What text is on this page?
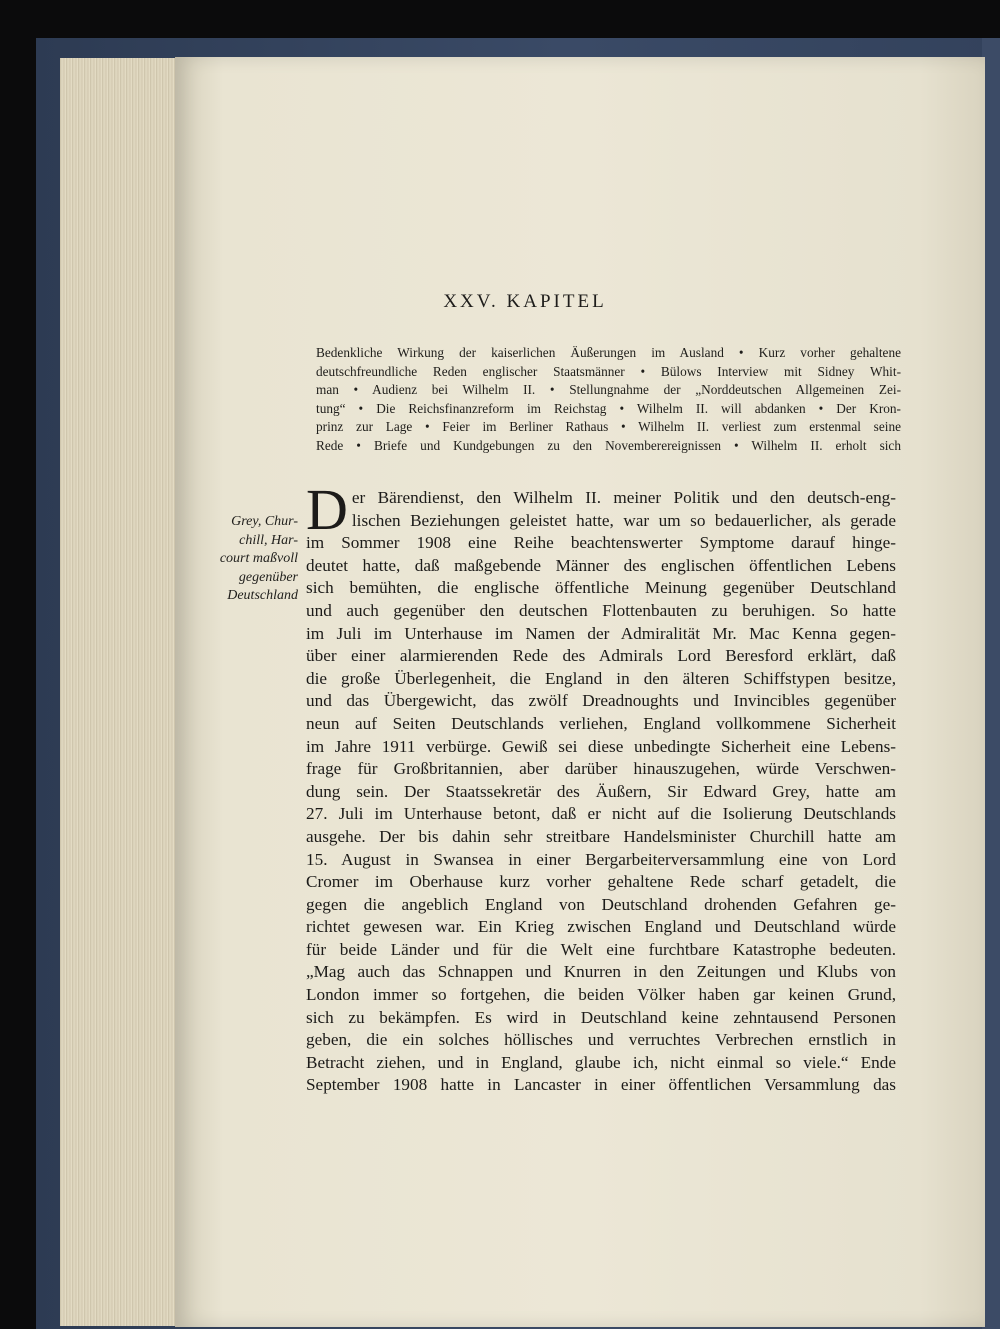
XXV. KAPITEL
Bedenkliche Wirkung der kaiserlichen Äußerungen im Ausland • Kurz vorher gehaltene
deutschfreundliche Reden englischer Staatsmänner • Bülows Interview mit Sidney Whit-
man • Audienz bei Wilhelm II. • Stellungnahme der „Norddeutschen Allgemeinen Zei-
tung“ • Die Reichsfinanzreform im Reichstag • Wilhelm II. will abdanken • Der Kron-
prinz zur Lage • Feier im Berliner Rathaus • Wilhelm II. verliest zum erstenmal seine
Rede • Briefe und Kundgebungen zu den Novemberereignissen • Wilhelm II. erholt sich
Grey, Chur-
chill, Har-
court maßvoll
gegenüber
Deutschland
D er Bärendienst, den Wilhelm II. meiner Politik und den deutsch-eng-
lischen Beziehungen geleistet hatte, war um so bedauerlicher, als gerade
im Sommer 1908 eine Reihe beachtenswerter Symptome darauf hinge-
deutet hatte, daß maßgebende Männer des englischen öffentlichen Lebens
sich bemühten, die englische öffentliche Meinung gegenüber Deutschland
und auch gegenüber den deutschen Flottenbauten zu beruhigen. So hatte
im Juli im Unterhause im Namen der Admiralität Mr. Mac Kenna gegen-
über einer alarmierenden Rede des Admirals Lord Beresford erklärt, daß
die große Überlegenheit, die England in den älteren Schiffstypen besitze,
und das Übergewicht, das zwölf Dreadnoughts und Invincibles gegenüber
neun auf Seiten Deutschlands verliehen, England vollkommene Sicherheit
im Jahre 1911 verbürge. Gewiß sei diese unbedingte Sicherheit eine Lebens-
frage für Großbritannien, aber darüber hinauszugehen, würde Verschwen-
dung sein. Der Staatssekretär des Äußern, Sir Edward Grey, hatte am
27. Juli im Unterhause betont, daß er nicht auf die Isolierung Deutschlands
ausgehe. Der bis dahin sehr streitbare Handelsminister Churchill hatte am
15. August in Swansea in einer Bergarbeiterversammlung eine von Lord
Cromer im Oberhause kurz vorher gehaltene Rede scharf getadelt, die
gegen die angeblich England von Deutschland drohenden Gefahren ge-
richtet gewesen war. Ein Krieg zwischen England und Deutschland würde
für beide Länder und für die Welt eine furchtbare Katastrophe bedeuten.
„Mag auch das Schnappen und Knurren in den Zeitungen und Klubs von
London immer so fortgehen, die beiden Völker haben gar keinen Grund,
sich zu bekämpfen. Es wird in Deutschland keine zehntausend Personen
geben, die ein solches höllisches und verruchtes Verbrechen ernstlich in
Betracht ziehen, und in England, glaube ich, nicht einmal so viele.“ Ende
September 1908 hatte in Lancaster in einer öffentlichen Versammlung das
